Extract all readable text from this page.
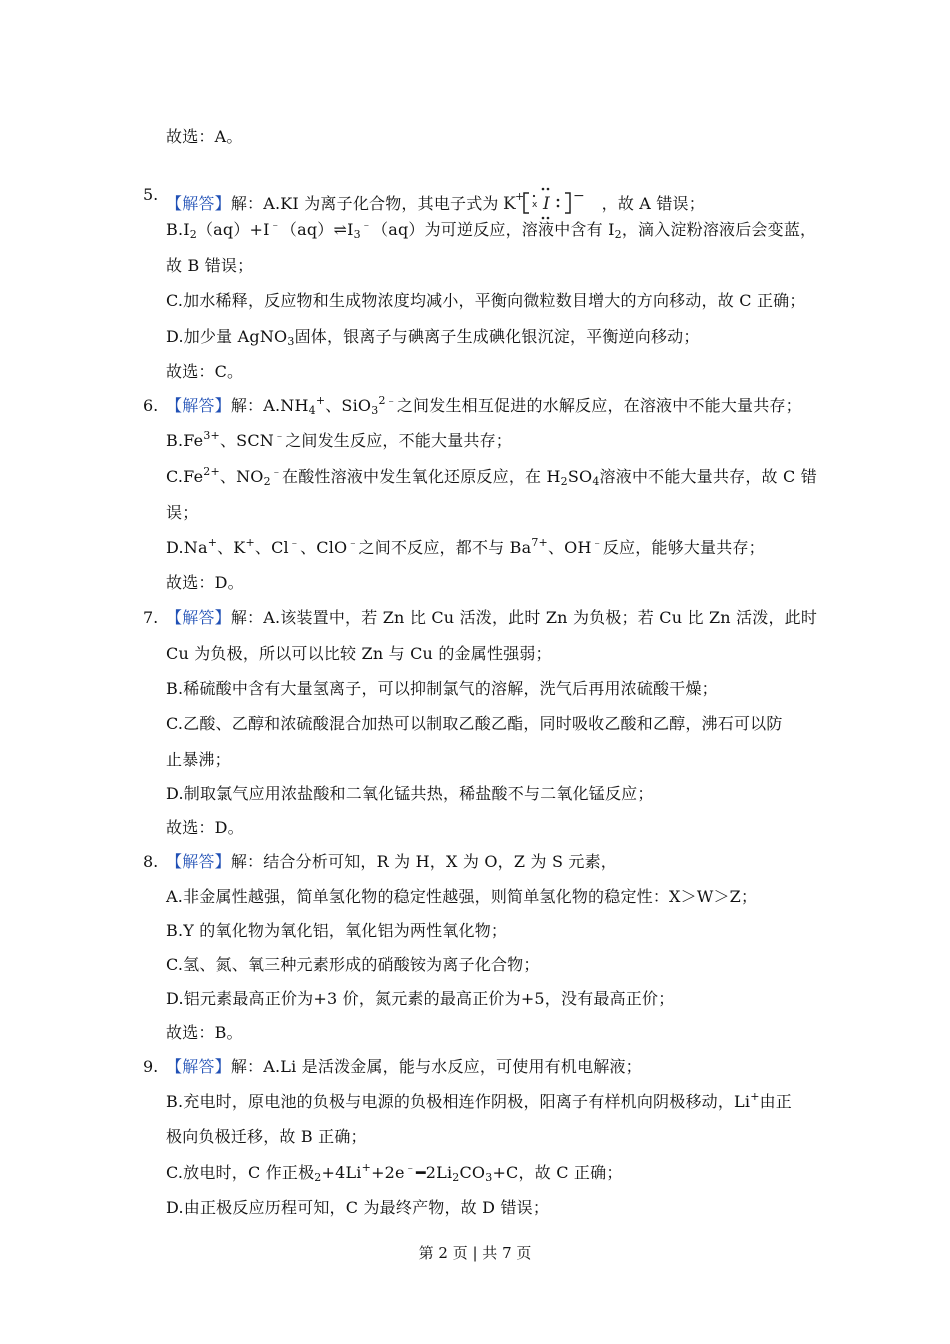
故选：A。
5. 【解答】解：A.KI 为离子化合物，其电子式为 K +
x I − ，故 A 错误；
$B.I_2(aq)+I^﹣(aq)\rightleftharpoons I_3^﹣(aq)$为可逆反应，溶液中含有 $I_2$，滴入淀粉溶液后会变蓝，
故 B 错误；
C.加水稀释，反应物和生成物浓度均减小，平衡向微粒数目增大的方向移动，故 C 正确；
D.加少量 AgNO$_3$固体，银离子与碘离子生成碘化银沉淀，平衡逆向移动；
故选：C。
6. 【解答】解：$A.NH_4^+$、SiO$_3^{2﹣}$之间发生相互促进的水解反应，在溶液中不能大量共存；
$B.Fe^{3+}$、SCN﹣之间发生反应，不能大量共存；
$C.Fe^{2+}$、$NO_2^﹣$在酸性溶液中发生氧化还原反应，在 $H_2SO_4$溶液中不能大量共存，故 C 错
误；
D.Na+、K+、Cl﹣、ClO﹣之间不反应，都不与 $Ba^{7+}$、OH﹣反应，能够大量共存；
故选：D。
7. 【解答】解：A.该装置中，若 Zn 比 Cu 活泼，此时 Zn 为负极；若 Cu 比 Zn 活泼，此时
Cu 为负极，所以可以比较 Zn 与 Cu 的金属性强弱；
B.稀硫酸中含有大量氢离子，可以抑制氯气的溶解，洗气后再用浓硫酸干燥；
C.乙酸、乙醇和浓硫酸混合加热可以制取乙酸乙酯，同时吸收乙酸和乙醇，沸石可以防
止暴沸；
D.制取氯气应用浓盐酸和二氧化锰共热，稀盐酸不与二氧化锰反应；
故选：D。
8. 【解答】解：结合分析可知，R 为 H，X 为 O，Z 为 S 元素，
A.非金属性越强，简单氢化物的稳定性越强，则简单氢化物的稳定性：X＞W＞Z；
B.Y 的氧化物为氧化铝，氧化铝为两性氧化物；
C.氢、氮、氧三种元素形成的硝酸铵为离子化合物；
D.铝元素最高正价为+3 价，氮元素的最高正价为+5，没有最高正价；
故选：B。
9. 【解答】解：A.Li 是活泼金属，能与水反应，可使用有机电解液；
B.充电时，原电池的负极与电源的负极相连作阴极，阳离子有样机向阴极移动，Li+由正
极向负极迁移，故 B 正确；
C.放电时，C 作正极$_2+4Li^++2e^﹣━2Li_2CO_3+C$，故 C 正确；
D.由正极反应历程可知，C 为最终产物，故 D 错误；
第 2 页 | 共 7 页
